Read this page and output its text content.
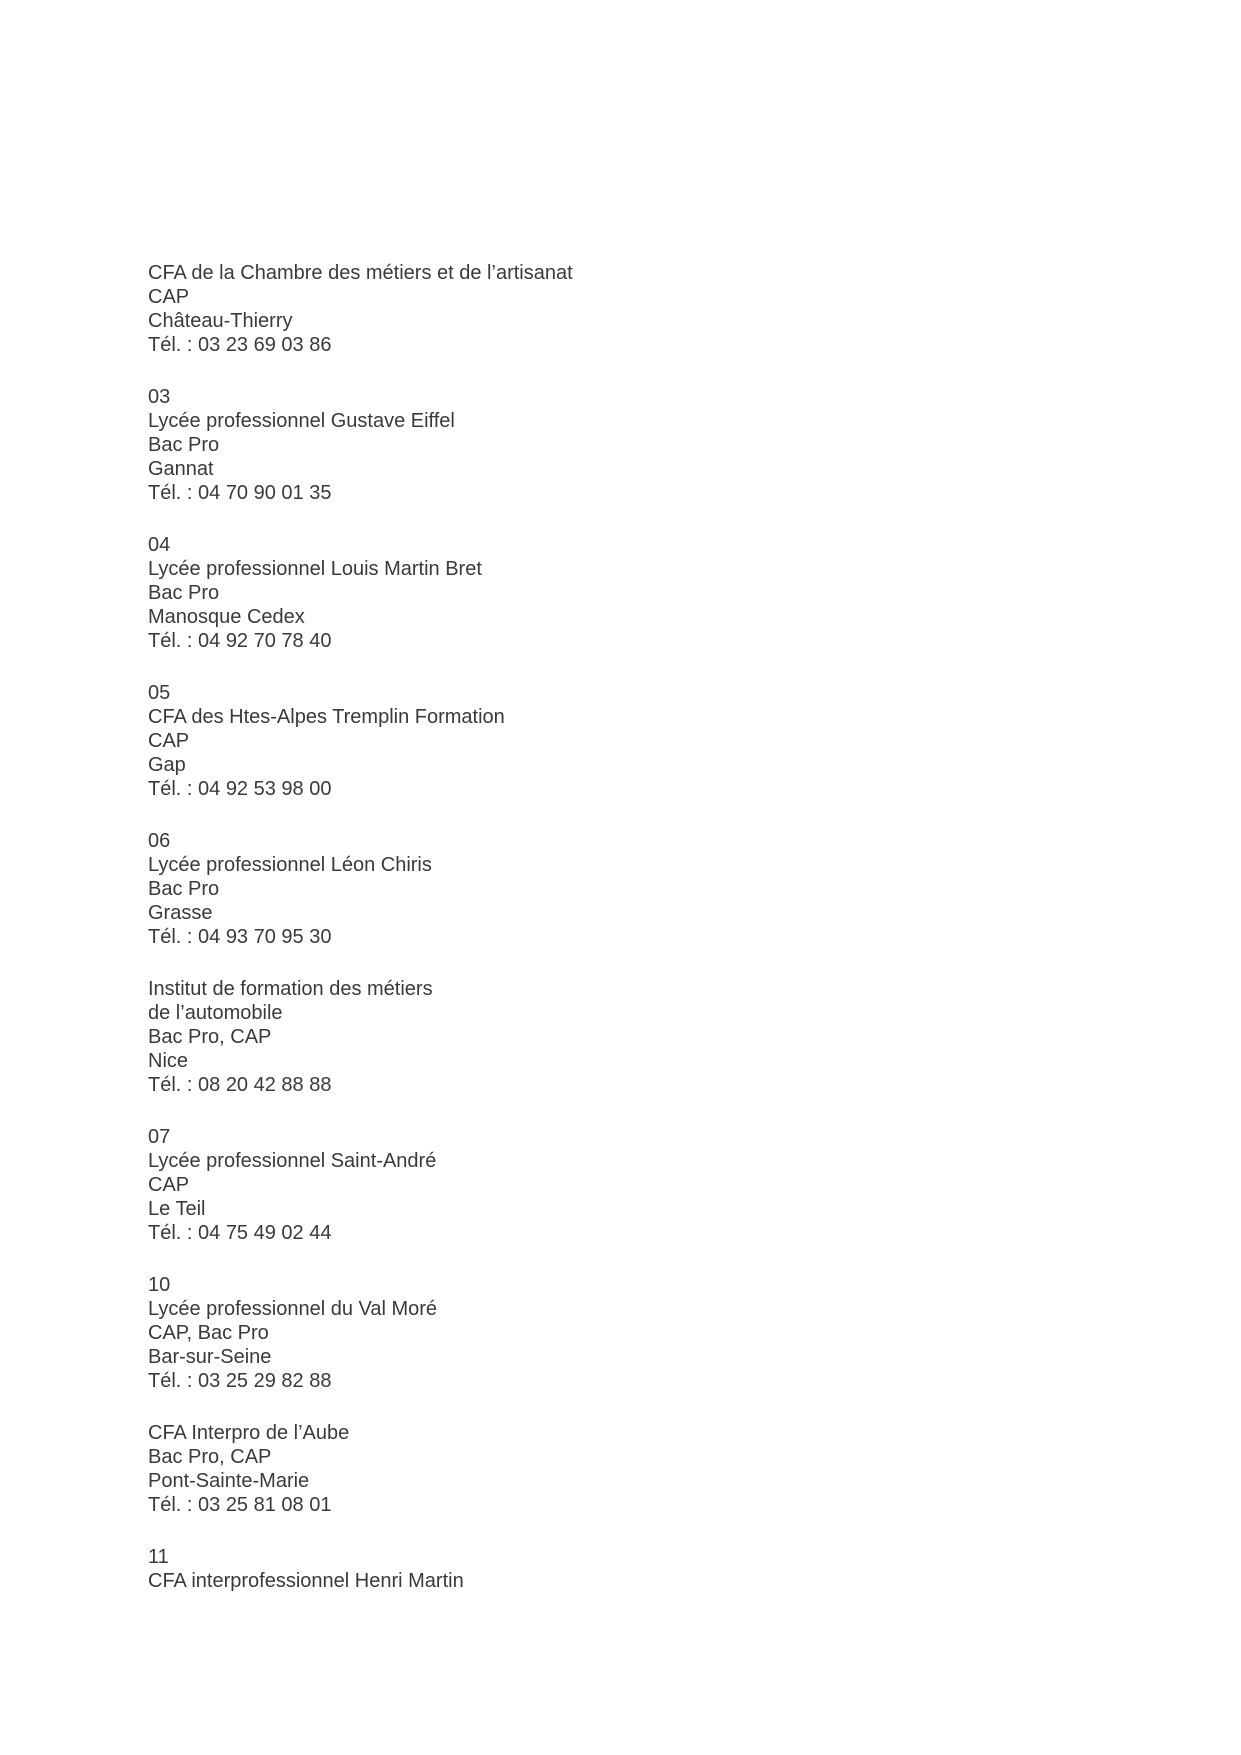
CFA de la Chambre des métiers et de l’artisanat
CAP
Château-Thierry
Tél. : 03 23 69 03 86
03
Lycée professionnel Gustave Eiffel
Bac Pro
Gannat
Tél. : 04 70 90 01 35
04
Lycée professionnel Louis Martin Bret
Bac Pro
Manosque Cedex
Tél. : 04 92 70 78 40
05
CFA des Htes-Alpes Tremplin Formation
CAP
Gap
Tél. : 04 92 53 98 00
06
Lycée professionnel Léon Chiris
Bac Pro
Grasse
Tél. : 04 93 70 95 30
Institut de formation des métiers
de l’automobile
Bac Pro, CAP
Nice
Tél. : 08 20 42 88 88
07
Lycée professionnel Saint-André
CAP
Le Teil
Tél. : 04 75 49 02 44
10
Lycée professionnel du Val Moré
CAP, Bac Pro
Bar-sur-Seine
Tél. : 03 25 29 82 88
CFA Interpro de l’Aube
Bac Pro, CAP
Pont-Sainte-Marie
Tél. : 03 25 81 08 01
11
CFA interprofessionnel Henri Martin
